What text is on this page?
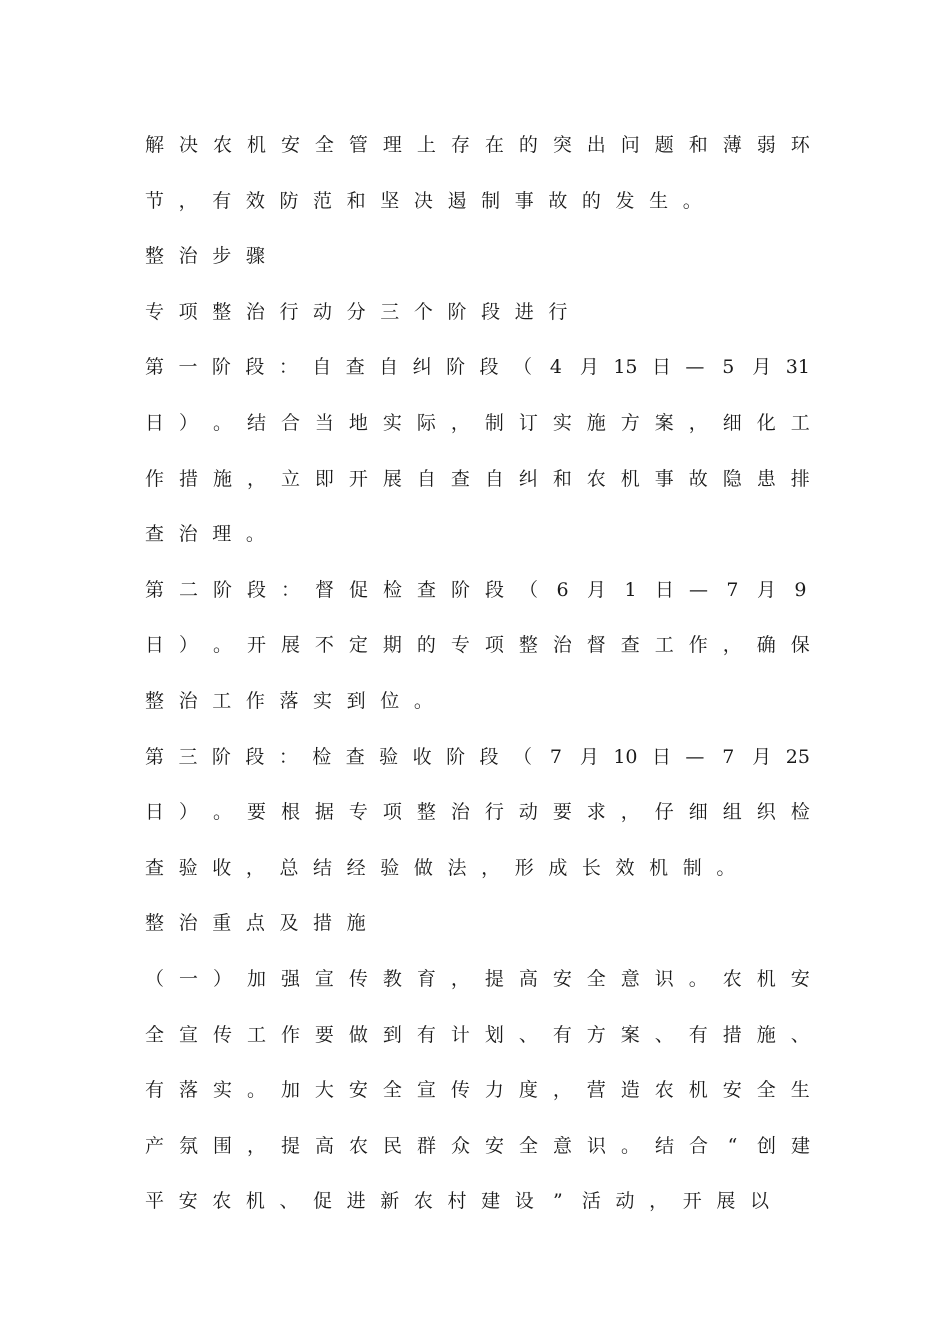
解 决 农 机 安 全 管 理 上 存 在 的 突 出 问 题 和 薄 弱 环
节 ， 有 效 防 范 和 坚 决 遏 制 事 故 的 发 生 。
整 治 步 骤
专 项 整 治 行 动 分 三 个 阶 段 进 行
第 一 阶 段 ： 自 查 自 纠 阶 段 （ 4 月 15 日 — 5 月 31
日 ） 。 结 合 当 地 实 际 ， 制 订 实 施 方 案 ， 细 化 工
作 措 施 ， 立 即 开 展 自 查 自 纠 和 农 机 事 故 隐 患 排
查 治 理 。
第 二 阶 段 ： 督 促 检 查 阶 段 （ 6 月 1 日 — 7 月 9
日 ） 。 开 展 不 定 期 的 专 项 整 治 督 查 工 作 ， 确 保
整 治 工 作 落 实 到 位 。
第 三 阶 段 ： 检 查 验 收 阶 段 （ 7 月 10 日 — 7 月 25
日 ） 。 要 根 据 专 项 整 治 行 动 要 求 ， 仔 细 组 织 检
查 验 收 ， 总 结 经 验 做 法 ， 形 成 长 效 机 制 。
整 治 重 点 及 措 施
（ 一 ） 加 强 宣 传 教 育 ， 提 高 安 全 意 识 。 农 机 安
全 宣 传 工 作 要 做 到 有 计 划 、 有 方 案 、 有 措 施 、
有 落 实 。 加 大 安 全 宣 传 力 度 ， 营 造 农 机 安 全 生
产 氛 围 ， 提 高 农 民 群 众 安 全 意 识 。 结 合 “ 创 建
平 安 农 机 、 促 进 新 农 村 建 设 ” 活 动 ， 开 展 以
